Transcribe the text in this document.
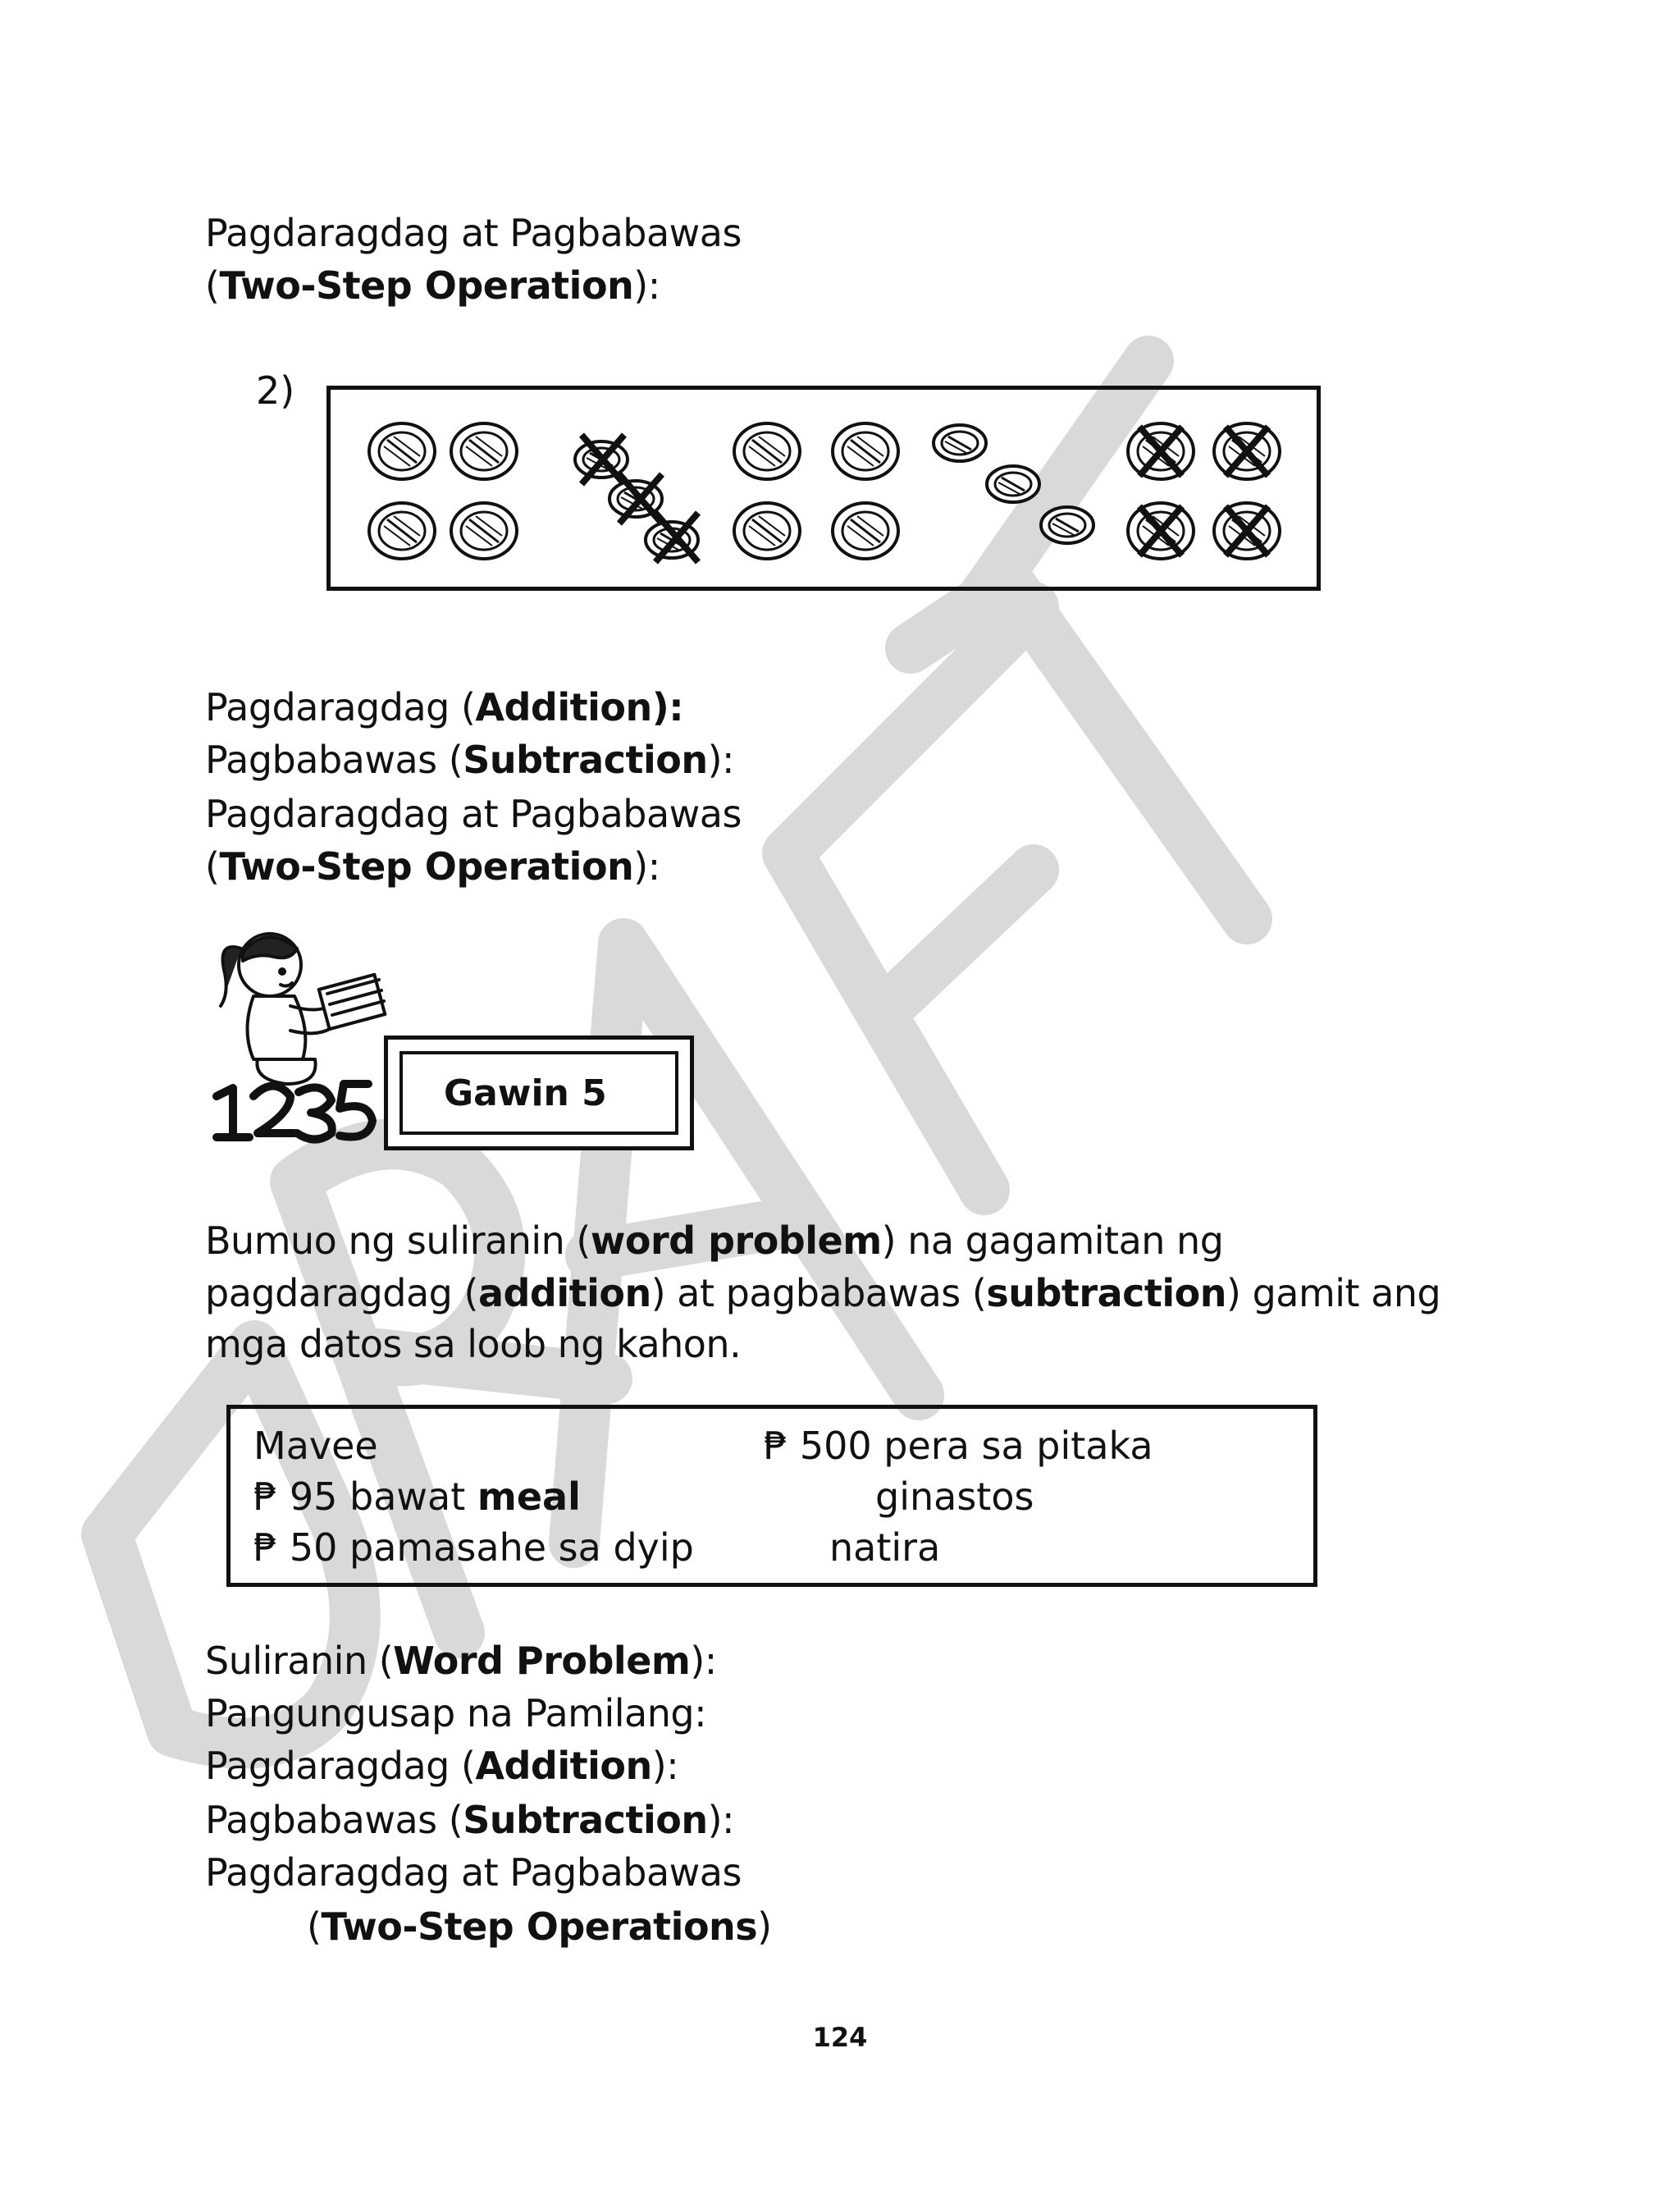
Pagdaragdag at Pagbabawas
(Two-Step Operation):
2)
Pagdaragdag (Addition):
Pagbabawas (Subtraction):
Pagdaragdag at Pagbabawas
(Two-Step Operation):
Gawin 5
Bumuo ng suliranin (word problem) na gagamitan ng
pagdaragdag (addition) at pagbabawas (subtraction) gamit ang
mga datos sa loob ng kahon.
Mavee
₱ 95 bawat meal
₱ 50 pamasahe sa dyip
₱ 500 pera sa pitaka
ginastos
natira
Suliranin (Word Problem):
Pangungusap na Pamilang:
Pagdaragdag (Addition):
Pagbabawas (Subtraction):
Pagdaragdag at Pagbabawas
(Two-Step Operations)
124
